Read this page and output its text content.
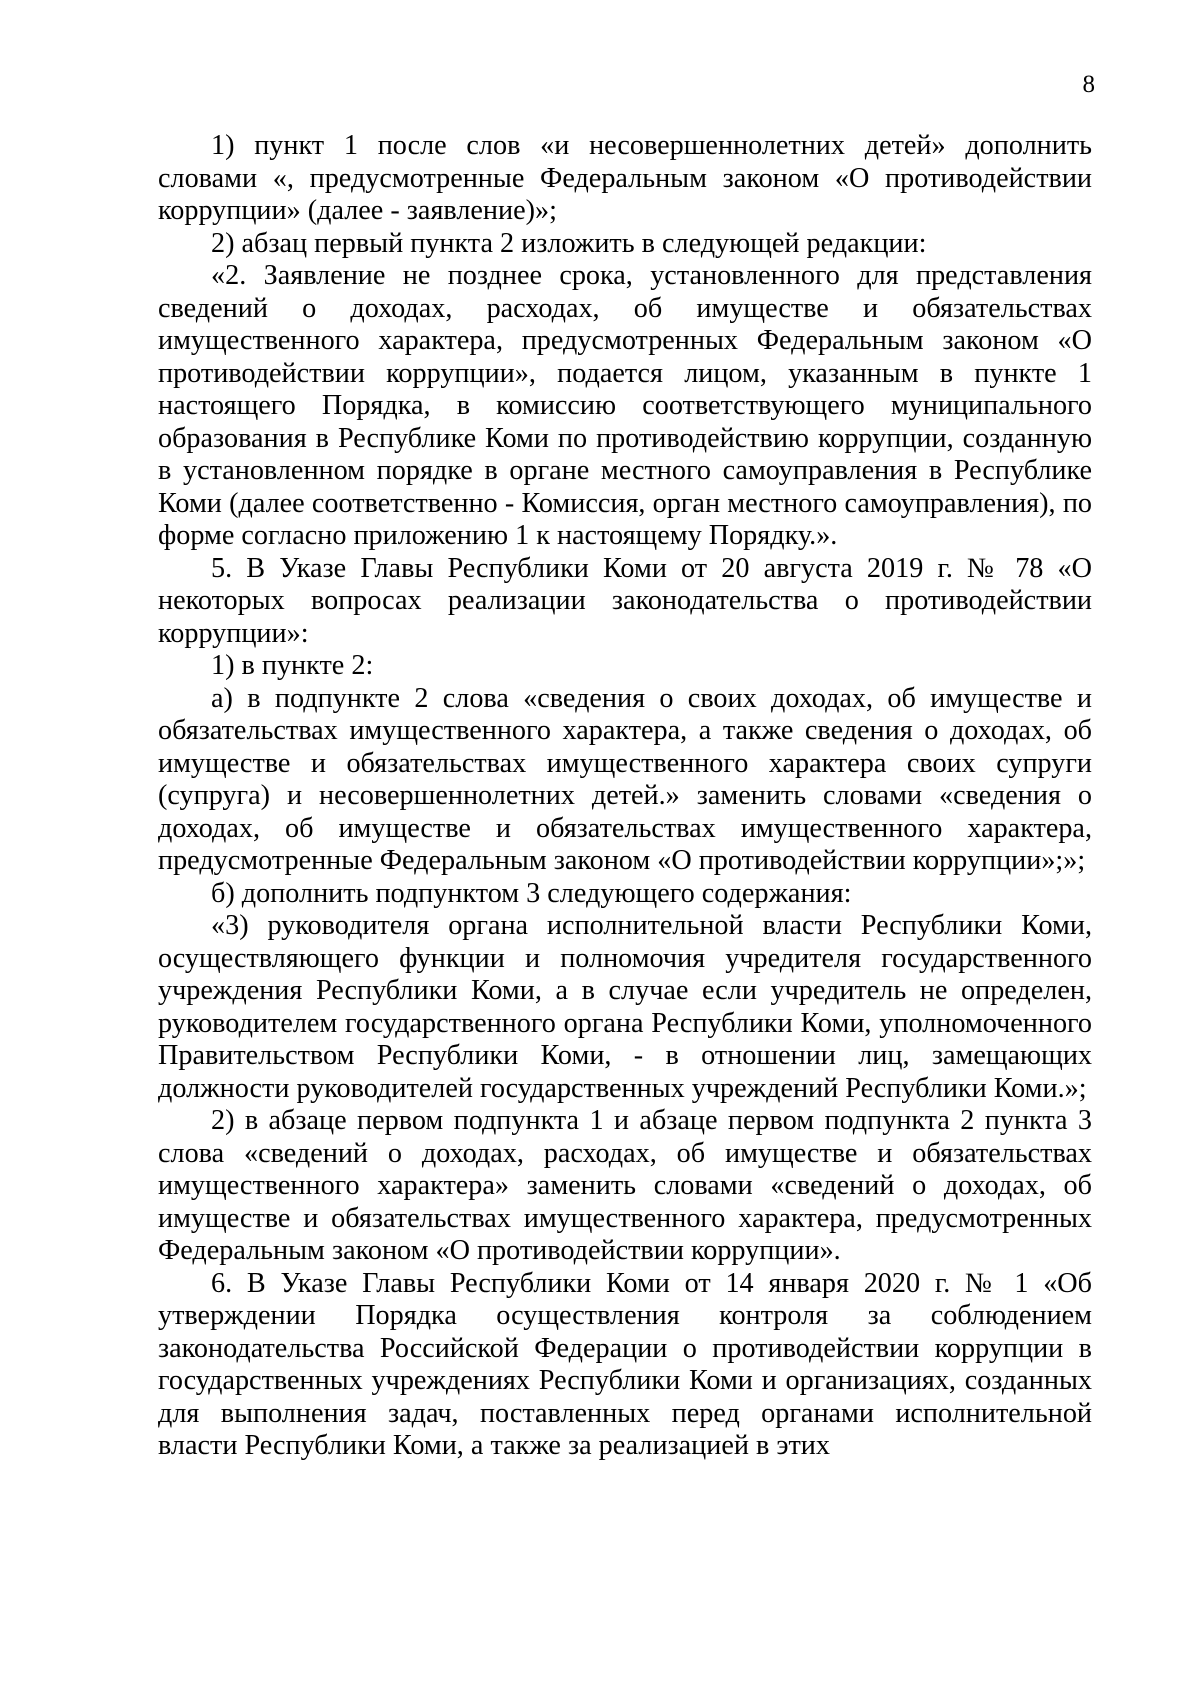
8

1) пункт 1 после слов «и несовершеннолетних детей» дополнить словами «, предусмотренные Федеральным законом «О противодействии коррупции» (далее - заявление)»;

2) абзац первый пункта 2 изложить в следующей редакции:

«2. Заявление не позднее срока, установленного для представления сведений о доходах, расходах, об имуществе и обязательствах имущественного характера, предусмотренных Федеральным законом «О противодействии коррупции», подается лицом, указанным в пункте 1 настоящего Порядка, в комиссию соответствующего муниципального образования в Республике Коми по противодействию коррупции, созданную в установленном порядке в органе местного самоуправления в Республике Коми (далее соответственно - Комиссия, орган местного самоуправления), по форме согласно приложению 1 к настоящему Порядку.».

5. В Указе Главы Республики Коми от 20 августа 2019 г. № 78 «О некоторых вопросах реализации законодательства о противодействии коррупции»:

1) в пункте 2:

а) в подпункте 2 слова «сведения о своих доходах, об имуществе и обязательствах имущественного характера, а также сведения о доходах, об имуществе и обязательствах имущественного характера своих супруги (супруга) и несовершеннолетних детей.» заменить словами «сведения о доходах, об имуществе и обязательствах имущественного характера, предусмотренные Федеральным законом «О противодействии коррупции»;»;

б) дополнить подпунктом 3 следующего содержания:

«3) руководителя органа исполнительной власти Республики Коми, осуществляющего функции и полномочия учредителя государственного учреждения Республики Коми, а в случае если учредитель не определен, руководителем государственного органа Республики Коми, уполномоченного Правительством Республики Коми, - в отношении лиц, замещающих должности руководителей государственных учреждений Республики Коми.»;

2) в абзаце первом подпункта 1 и абзаце первом подпункта 2 пункта 3 слова «сведений о доходах, расходах, об имуществе и обязательствах имущественного характера» заменить словами «сведений о доходах, об имуществе и обязательствах имущественного характера, предусмотренных Федеральным законом «О противодействии коррупции».

6. В Указе Главы Республики Коми от 14 января 2020 г. № 1 «Об утверждении Порядка осуществления контроля за соблюдением законодательства Российской Федерации о противодействии коррупции в государственных учреждениях Республики Коми и организациях, созданных для выполнения задач, поставленных перед органами исполнительной власти Республики Коми, а также за реализацией в этих
